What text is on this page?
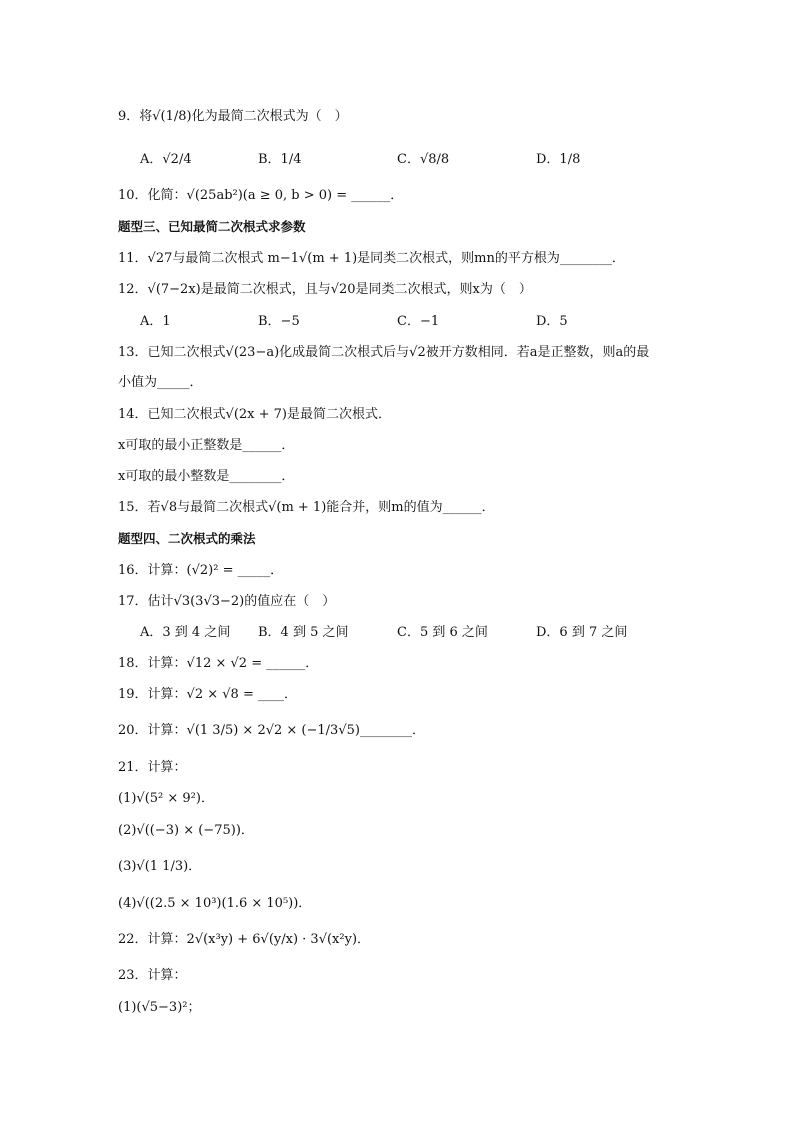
9．将√(1/8)化为最简二次根式为（　）
A．√2/4	B．1/4	C．√8/8	D．1/8
10．化简：√(25ab²)(a ≥ 0, b > 0) = ______．
题型三、已知最简二次根式求参数
11．√27与最简二次根式 m−1√(m + 1)是同类二次根式，则mn的平方根为________．
12．√(7−2x)是最简二次根式，且与√20是同类二次根式，则x为（　）
A．1	B．−5	C．−1	D．5
13．已知二次根式√(23−a)化成最简二次根式后与√2被开方数相同．若a是正整数，则a的最
小值为_____．
14．已知二次根式√(2x + 7)是最简二次根式．
x可取的最小正整数是______．
x可取的最小整数是________．
15．若√8与最简二次根式√(m + 1)能合并，则m的值为______．
题型四、二次根式的乘法
16．计算：(√2)² = _____．
17．估计√3(3√3−2)的值应在（　）
A．3 到 4 之间 B．4 到 5 之间	C．5 到 6 之间	D．6 到 7 之间
18．计算：√12 × √2 = ______．
19．计算：√2 × √8 = ____．
20．计算：√(1 3/5) × 2√2 × (−1/3√5)________．
21．计算：
(1)√(5² × 9²)．
(2)√((−3) × (−75))．
(3)√(1 1/3)．
(4)√((2.5 × 10³)(1.6 × 10⁵))．
22．计算：2√(x³y) + 6√(y/x) · 3√(x²y)．
23．计算：
(1)(√5−3)²；
